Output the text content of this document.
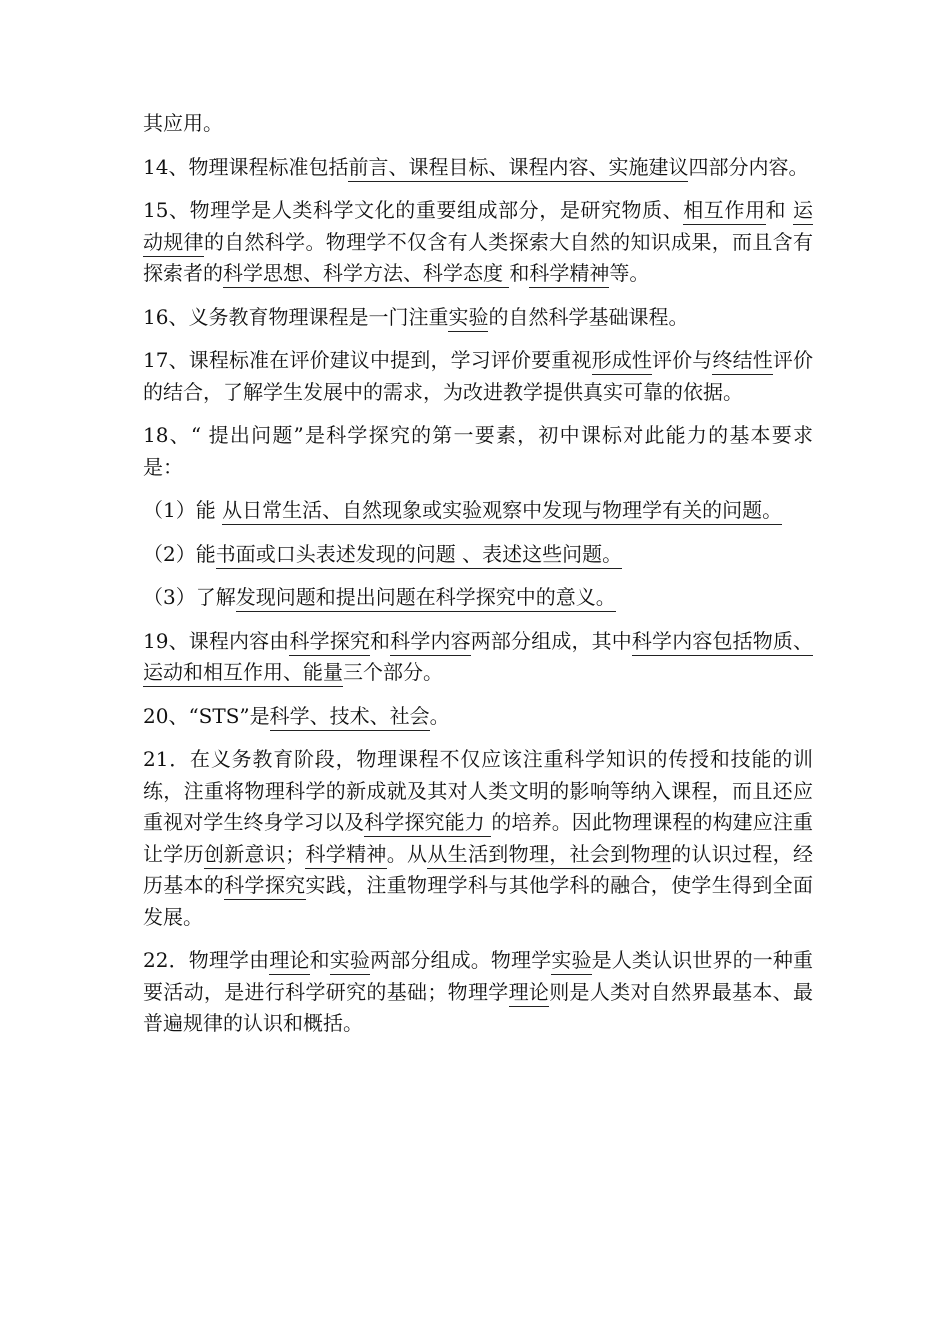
其应用。

14、物理课程标准包括前言、课程目标、课程内容、实施建议四部分内容。

15、物理学是人类科学文化的重要组成部分，是研究物质、相互作用和 运动规律的自然科学。物理学不仅含有人类探索大自然的知识成果，而且含有探索者的科学思想、科学方法、科学态度 和科学精神等。

16、义务教育物理课程是一门注重实验的自然科学基础课程。

17、课程标准在评价建议中提到，学习评价要重视形成性评价与终结性评价的结合，了解学生发展中的需求，为改进教学提供真实可靠的依据。

18、“ 提出问题”是科学探究的第一要素，初中课标对此能力的基本要求是：

（1）能 从日常生活、自然现象或实验观察中发现与物理学有关的问题。

（2）能书面或口头表述发现的问题 、表述这些问题。

（3）了解发现问题和提出问题在科学探究中的意义。

19、课程内容由科学探究和科学内容两部分组成，其中科学内容包括物质、运动和相互作用、能量三个部分。

20、“STS”是科学、技术、社会。

21．在义务教育阶段，物理课程不仅应该注重科学知识的传授和技能的训练，注重将物理科学的新成就及其对人类文明的影响等纳入课程，而且还应重视对学生终身学习以及科学探究能力 的培养。因此物理课程的构建应注重让学历创新意识；科学精神。从从生活到物理，社会到物理的认识过程，经历基本的科学探究实践，注重物理学科与其他学科的融合，使学生得到全面发展。

22．物理学由理论和实验两部分组成。物理学实验是人类认识世界的一种重要活动，是进行科学研究的基础；物理学理论则是人类对自然界最基本、最普遍规律的认识和概括。
